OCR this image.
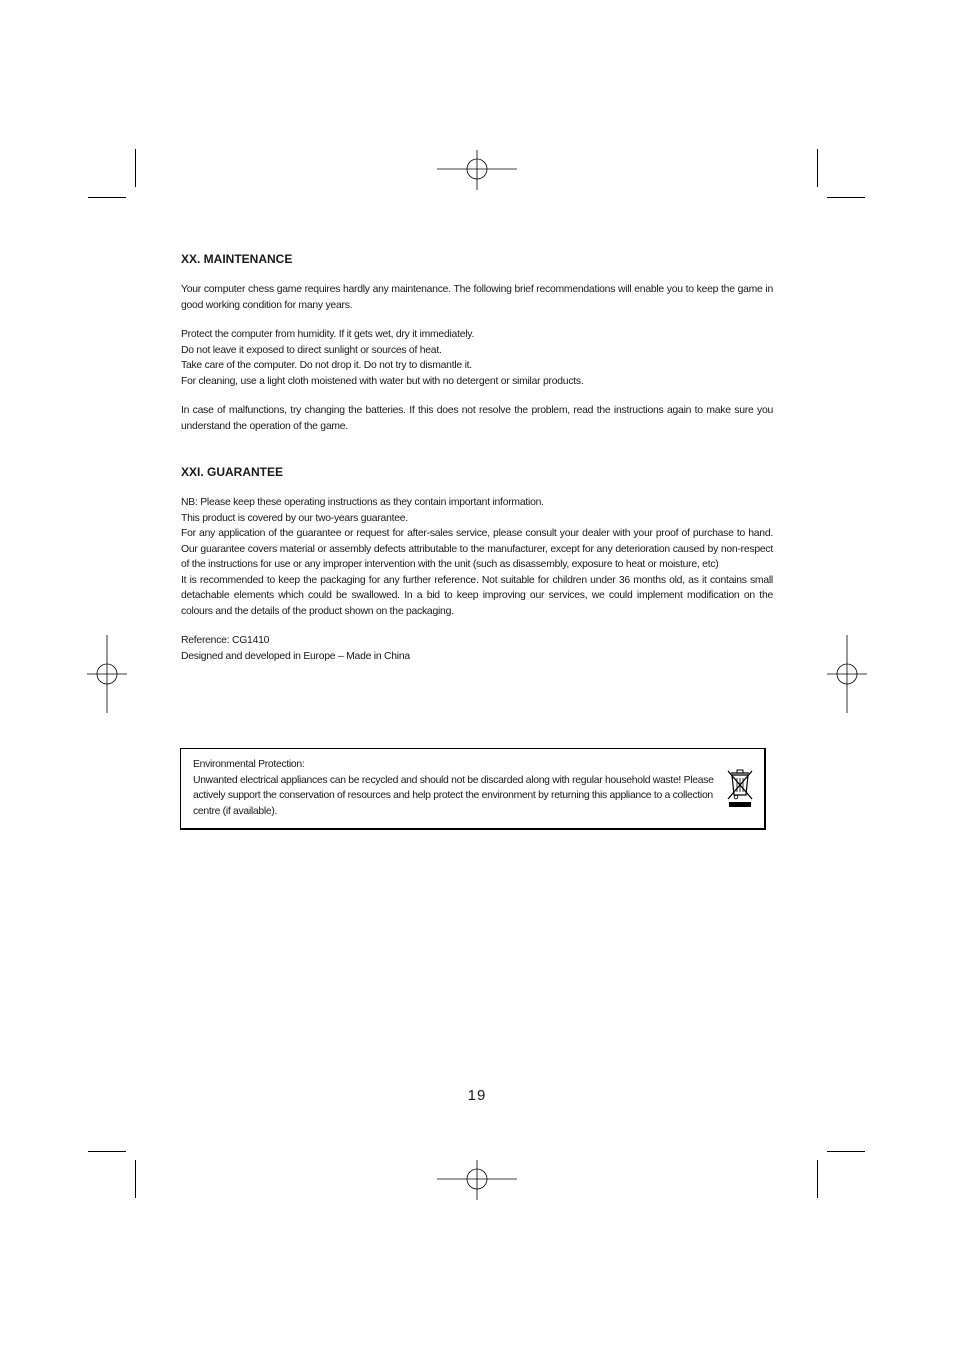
XX. MAINTENANCE

Your computer chess game requires hardly any maintenance. The following brief recommendations will enable you to keep the game in good working condition for many years.

Protect the computer from humidity. If it gets wet, dry it immediately.

Do not leave it exposed to direct sunlight or sources of heat.

Take care of the computer. Do not drop it. Do not try to dismantle it.

For cleaning, use a light cloth moistened with water but with no detergent or similar products.

In case of malfunctions, try changing the batteries. If this does not resolve the problem, read the instructions again to make sure you understand the operation of the game.

XXI. GUARANTEE

NB: Please keep these operating instructions as they contain important information.

This product is covered by our two-years guarantee.

For any application of the guarantee or request for after-sales service, please consult your dealer with your proof of purchase to hand. Our guarantee covers material or assembly defects attributable to the manufacturer, except for any deterioration caused by non-respect of the instructions for use or any improper intervention with the unit (such as disassembly, exposure to heat or moisture, etc)

It is recommended to keep the packaging for any further reference. Not suitable for children under 36 months old, as it contains small detachable elements which could be swallowed. In a bid to keep improving our services, we could implement modification on the colours and the details of the product shown on the packaging.

Reference: CG1410

Designed and developed in Europe – Made in China

Environmental Protection:

Unwanted electrical appliances can be recycled and should not be discarded along with regular household waste! Please actively support the conservation of resources and help protect the environment by returning this appliance to a collection centre (if available).

19
